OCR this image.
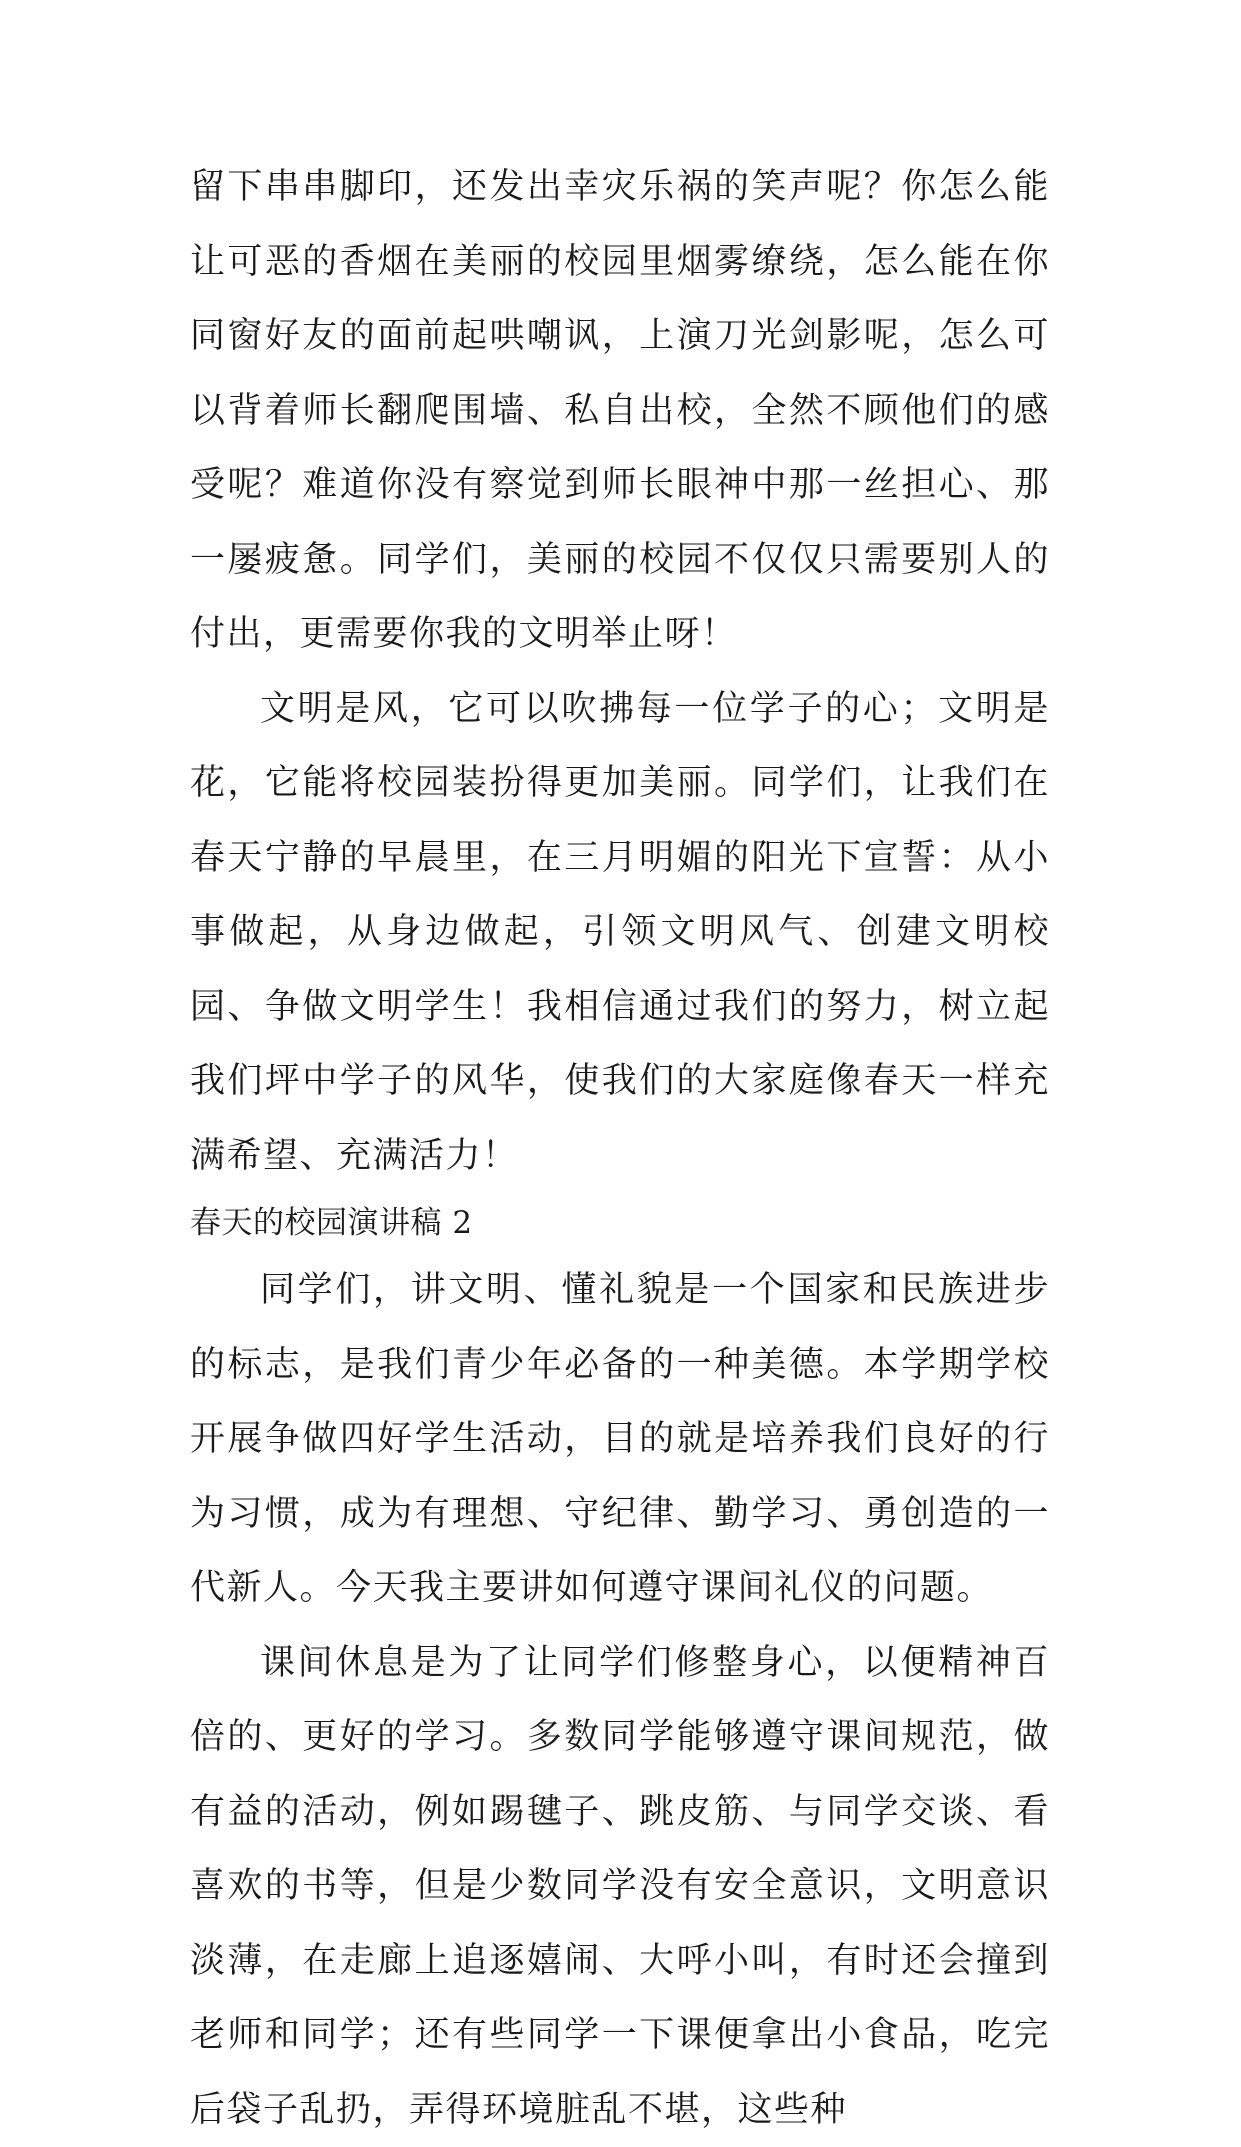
留下串串脚印，还发出幸灾乐祸的笑声呢？你怎么能让可恶的香烟在美丽的校园里烟雾缭绕，怎么能在你同窗好友的面前起哄嘲讽，上演刀光剑影呢，怎么可以背着师长翻爬围墙、私自出校，全然不顾他们的感受呢？难道你没有察觉到师长眼神中那一丝担心、那一屡疲惫。同学们，美丽的校园不仅仅只需要别人的付出，更需要你我的文明举止呀！

文明是风，它可以吹拂每一位学子的心；文明是花，它能将校园装扮得更加美丽。同学们，让我们在春天宁静的早晨里，在三月明媚的阳光下宣誓：从小事做起，从身边做起，引领文明风气、创建文明校园、争做文明学生！我相信通过我们的努力，树立起我们坪中学子的风华，使我们的大家庭像春天一样充满希望、充满活力！

春天的校园演讲稿 2

同学们，讲文明、懂礼貌是一个国家和民族进步的标志，是我们青少年必备的一种美德。本学期学校开展争做四好学生活动，目的就是培养我们良好的行为习惯，成为有理想、守纪律、勤学习、勇创造的一代新人。今天我主要讲如何遵守课间礼仪的问题。

课间休息是为了让同学们修整身心，以便精神百倍的、更好的学习。多数同学能够遵守课间规范，做有益的活动，例如踢毽子、跳皮筋、与同学交谈、看喜欢的书等，但是少数同学没有安全意识，文明意识淡薄，在走廊上追逐嬉闹、大呼小叫，有时还会撞到老师和同学；还有些同学一下课便拿出小食品，吃完后袋子乱扔，弄得环境脏乱不堪，这些种
